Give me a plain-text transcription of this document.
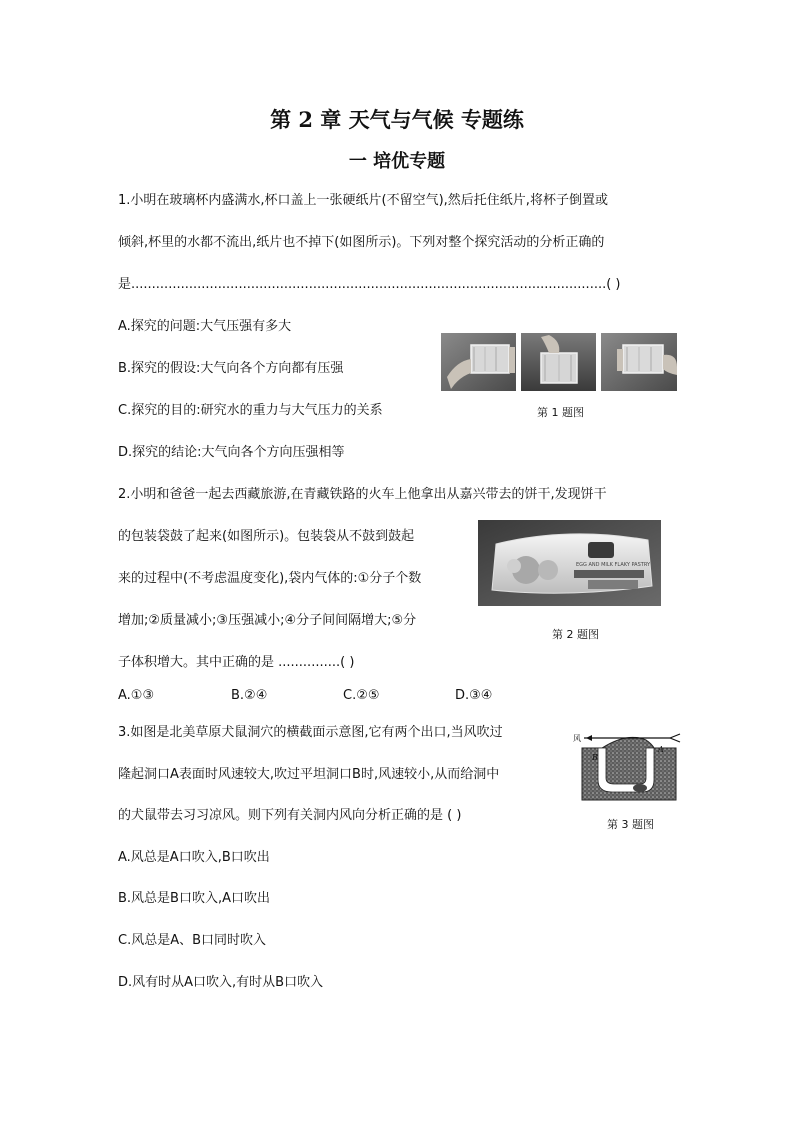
第 2 章 天气与气候 专题练
一 培优专题
1.小明在玻璃杯内盛满水,杯口盖上一张硬纸片(不留空气),然后托住纸片,将杯子倒置或
倾斜,杯里的水都不流出,纸片也不掉下(如图所示)。下列对整个探究活动的分析正确的
是...................................................................................................................( )
A.探究的问题:大气压强有多大
B.探究的假设:大气向各个方向都有压强
C.探究的目的:研究水的重力与大气压力的关系
D.探究的结论:大气向各个方向压强相等
第 1 题图
2.小明和爸爸一起去西藏旅游,在青藏铁路的火车上他拿出从嘉兴带去的饼干,发现饼干
的包装袋鼓了起来(如图所示)。包装袋从不鼓到鼓起
来的过程中(不考虑温度变化),袋内气体的:①分子个数
增加;②质量减小;③压强减小;④分子间间隔增大;⑤分
子体积增大。其中正确的是 ...............( )
A.①③	B.②④	C.②⑤	D.③④
EGG AND MILK FLAKY PASTRY
第 2 题图
3.如图是北美草原犬鼠洞穴的横截面示意图,它有两个出口,当风吹过
隆起洞口A表面时风速较大,吹过平坦洞口B时,风速较小,从而给洞中
的犬鼠带去习习凉风。则下列有关洞内风向分析正确的是 ( )
A.风总是A口吹入,B口吹出
B.风总是B口吹入,A口吹出
C.风总是A、B口同时吹入
D.风有时从A口吹入,有时从B口吹入
风
B
A
第 3 题图
